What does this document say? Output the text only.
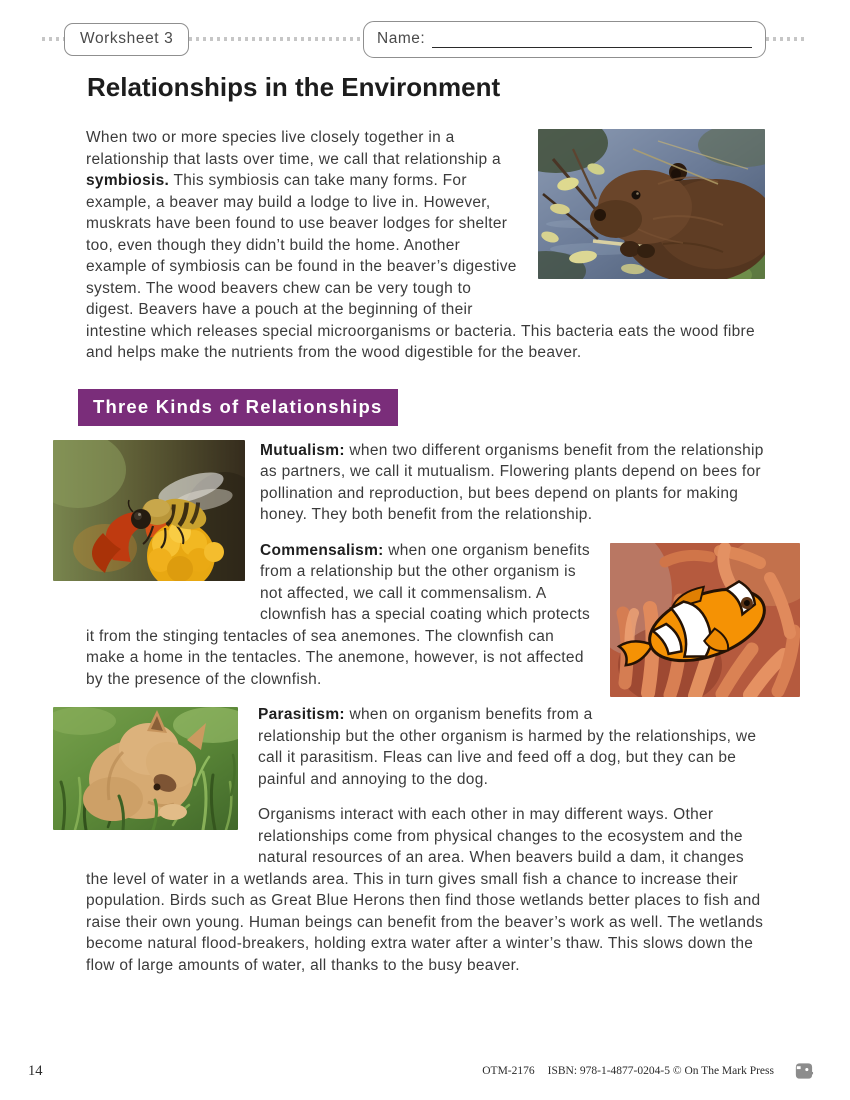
Worksheet 3	Name:
Relationships in the Environment

When two or more species live closely together in a relationship that lasts over time, we call that relationship a symbiosis. This symbiosis can take many forms. For example, a beaver may build a lodge to live in. However, muskrats have been found to use beaver lodges for shelter too, even though they didn’t build the home. Another example of symbiosis can be found in the beaver’s digestive system. The wood beavers chew can be very tough to digest. Beavers have a pouch at the beginning of their intestine which releases special microorganisms or bacteria. This bacteria eats the wood fibre and helps make the nutrients from the wood digestible for the beaver.

Three Kinds of Relationships

Mutualism: when two different organisms benefit from the relationship as partners, we call it mutualism. Flowering plants depend on bees for pollination and reproduction, but bees depend on plants for making honey. They both benefit from the relationship.

Commensalism: when one organism benefits from a relationship but the other organism is not affected, we call it commensalism. A clownfish has a special coating which protects it from the stinging tentacles of sea anemones. The clownfish can make a home in the tentacles. The anemone, however, is not affected by the presence of the clownfish.

Parasitism: when on organism benefits from a relationship but the other organism is harmed by the relationships, we call it parasitism. Fleas can live and feed off a dog, but they can be painful and annoying to the dog.

Organisms interact with each other in may different ways. Other relationships come from physical changes to the ecosystem and the natural resources of an area. When beavers build a dam, it changes the level of water in a wetlands area. This in turn gives small fish a chance to increase their population. Birds such as Great Blue Herons then find those wetlands better places to fish and raise their own young. Human beings can benefit from the beaver’s work as well. The wetlands become natural flood-breakers, holding extra water after a winter’s thaw. This slows down the flow of large amounts of water, all thanks to the busy beaver.

14	OTM-2176 ISBN: 978-1-4877-0204-5 © On The Mark Press
